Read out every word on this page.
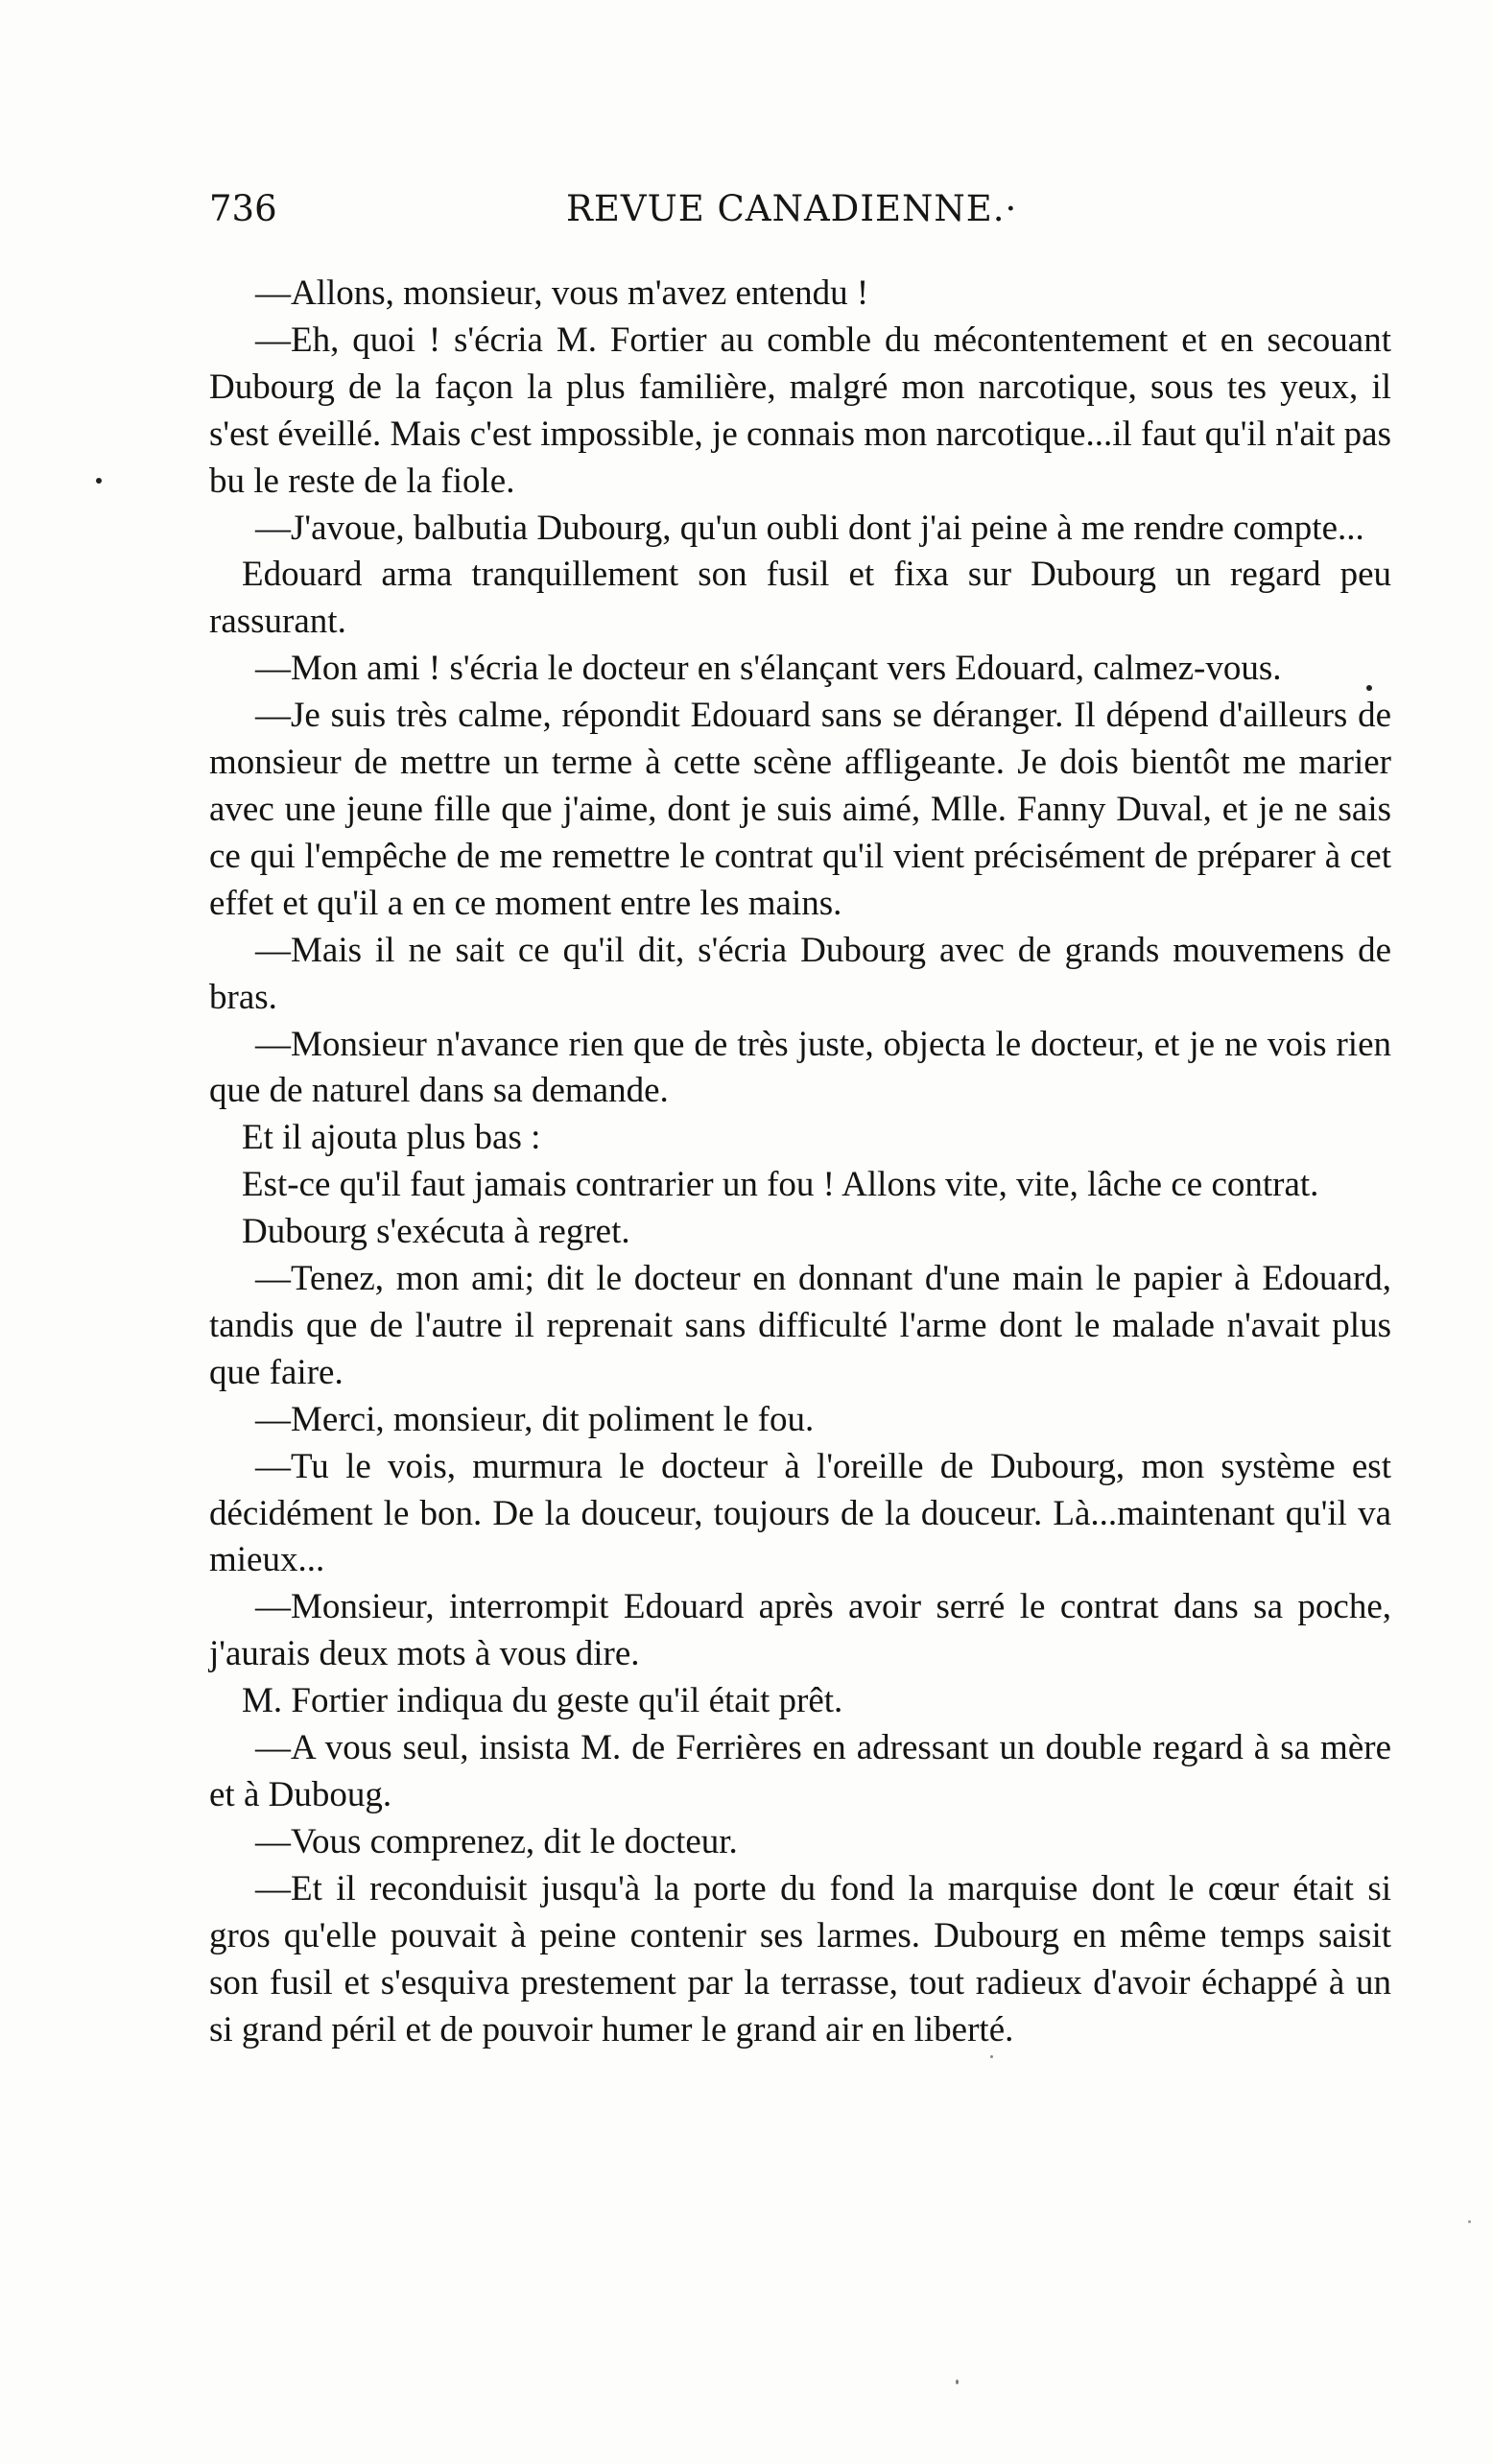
736	REVUE CANADIENNE.·

—Allons, monsieur, vous m'avez entendu !

—Eh, quoi ! s'écria M. Fortier au comble du mécontentement et en secouant Dubourg de la façon la plus familière, malgré mon narcotique, sous tes yeux, il s'est éveillé. Mais c'est impossible, je connais mon narcotique...il faut qu'il n'ait pas bu le reste de la fiole.

—J'avoue, balbutia Dubourg, qu'un oubli dont j'ai peine à me rendre compte...

Edouard arma tranquillement son fusil et fixa sur Dubourg un regard peu rassurant.

—Mon ami ! s'écria le docteur en s'élançant vers Edouard, calmez-vous.

—Je suis très calme, répondit Edouard sans se déranger. Il dépend d'ailleurs de monsieur de mettre un terme à cette scène affligeante. Je dois bientôt me marier avec une jeune fille que j'aime, dont je suis aimé, Mlle. Fanny Duval, et je ne sais ce qui l'empêche de me remettre le contrat qu'il vient précisément de préparer à cet effet et qu'il a en ce moment entre les mains.

—Mais il ne sait ce qu'il dit, s'écria Dubourg avec de grands mouvemens de bras.

—Monsieur n'avance rien que de très juste, objecta le docteur, et je ne vois rien que de naturel dans sa demande.

Et il ajouta plus bas :

Est-ce qu'il faut jamais contrarier un fou ! Allons vite, vite, lâche ce contrat.

Dubourg s'exécuta à regret.

—Tenez, mon ami; dit le docteur en donnant d'une main le papier à Edouard, tandis que de l'autre il reprenait sans difficulté l'arme dont le malade n'avait plus que faire.

—Merci, monsieur, dit poliment le fou.

—Tu le vois, murmura le docteur à l'oreille de Dubourg, mon système est décidément le bon. De la douceur, toujours de la douceur. Là...maintenant qu'il va mieux...

—Monsieur, interrompit Edouard après avoir serré le contrat dans sa poche, j'aurais deux mots à vous dire.

M. Fortier indiqua du geste qu'il était prêt.

—A vous seul, insista M. de Ferrières en adressant un double regard à sa mère et à Duboug.

—Vous comprenez, dit le docteur.

—Et il reconduisit jusqu'à la porte du fond la marquise dont le cœur était si gros qu'elle pouvait à peine contenir ses larmes. Dubourg en même temps saisit son fusil et s'esquiva prestement par la terrasse, tout radieux d'avoir échappé à un si grand péril et de pouvoir humer le grand air en liberté.
